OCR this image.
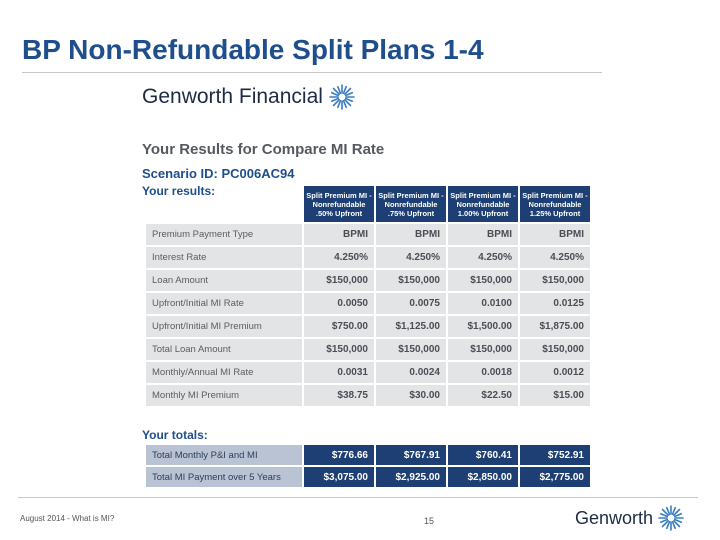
BP Non-Refundable Split Plans 1-4
Genworth Financial
Your Results for Compare MI Rate
Scenario ID: PC006AC94
Your results:
		Split Premium MI - Nonrefundable .50% Upfront	Split Premium MI - Nonrefundable .75% Upfront	Split Premium MI - Nonrefundable 1.00% Upfront	Split Premium MI - Nonrefundable 1.25% Upfront
Premium Payment Type	BPMI	BPMI	BPMI	BPMI
Interest Rate	4.250%	4.250%	4.250%	4.250%
Loan Amount	$150,000	$150,000	$150,000	$150,000
Upfront/Initial MI Rate	0.0050	0.0075	0.0100	0.0125
Upfront/Initial MI Premium	$750.00	$1,125.00	$1,500.00	$1,875.00
Total Loan Amount	$150,000	$150,000	$150,000	$150,000
Monthly/Annual MI Rate	0.0031	0.0024	0.0018	0.0012
Monthly MI Premium	$38.75	$30.00	$22.50	$15.00
Your totals:
Total Monthly P&I and MI	$776.66	$767.91	$760.41	$752.91
Total MI Payment over 5 Years	$3,075.00	$2,925.00	$2,850.00	$2,775.00
August 2014 - What is MI?	15	Genworth
